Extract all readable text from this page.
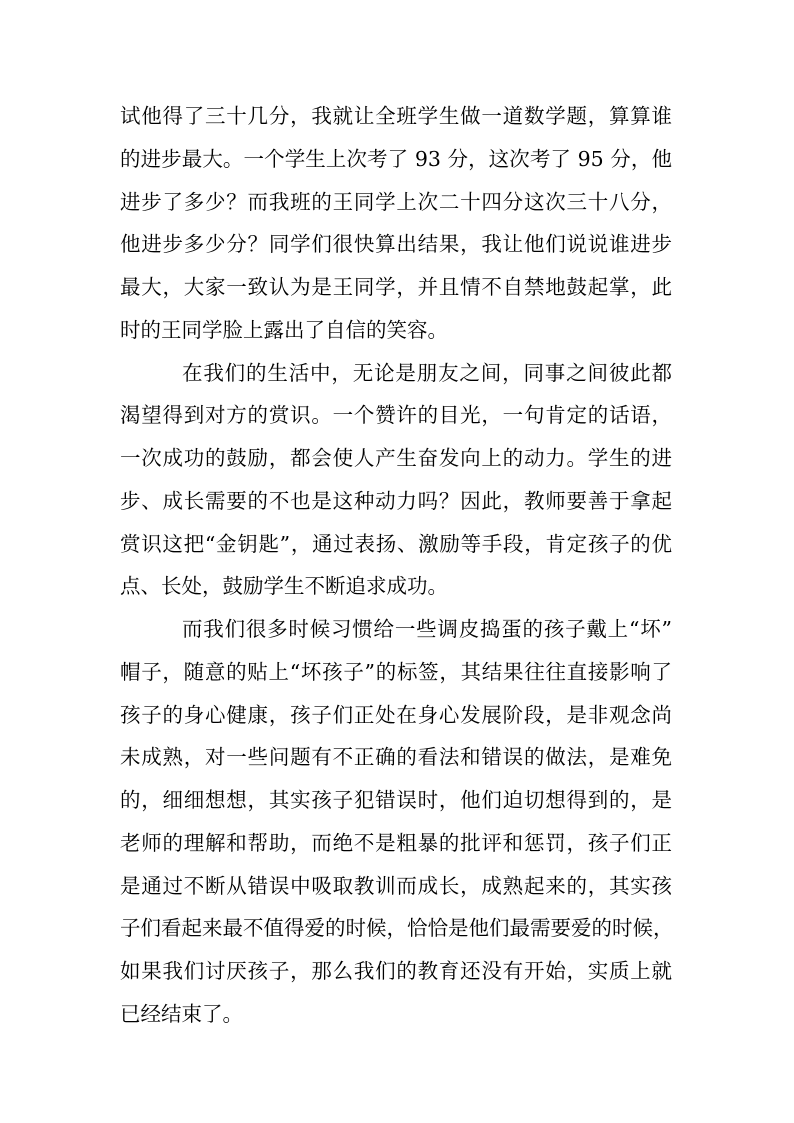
试他得了三十几分，我就让全班学生做一道数学题，算算谁
的进步最大。一个学生上次考了 93 分，这次考了 95 分，他
进步了多少？而我班的王同学上次二十四分这次三十八分，
他进步多少分？同学们很快算出结果，我让他们说说谁进步
最大，大家一致认为是王同学，并且情不自禁地鼓起掌，此
时的王同学脸上露出了自信的笑容。
在我们的生活中，无论是朋友之间，同事之间彼此都
渴望得到对方的赏识。一个赞许的目光，一句肯定的话语，
一次成功的鼓励，都会使人产生奋发向上的动力。学生的进
步、成长需要的不也是这种动力吗？因此，教师要善于拿起
赏识这把“金钥匙”，通过表扬、激励等手段，肯定孩子的优
点、长处，鼓励学生不断追求成功。
而我们很多时候习惯给一些调皮捣蛋的孩子戴上“坏”
帽子，随意的贴上“坏孩子”的标签，其结果往往直接影响了
孩子的身心健康，孩子们正处在身心发展阶段，是非观念尚
未成熟，对一些问题有不正确的看法和错误的做法，是难免
的，细细想想，其实孩子犯错误时，他们迫切想得到的，是
老师的理解和帮助，而绝不是粗暴的批评和惩罚，孩子们正
是通过不断从错误中吸取教训而成长，成熟起来的，其实孩
子们看起来最不值得爱的时候，恰恰是他们最需要爱的时候，
如果我们讨厌孩子，那么我们的教育还没有开始，实质上就
已经结束了。
